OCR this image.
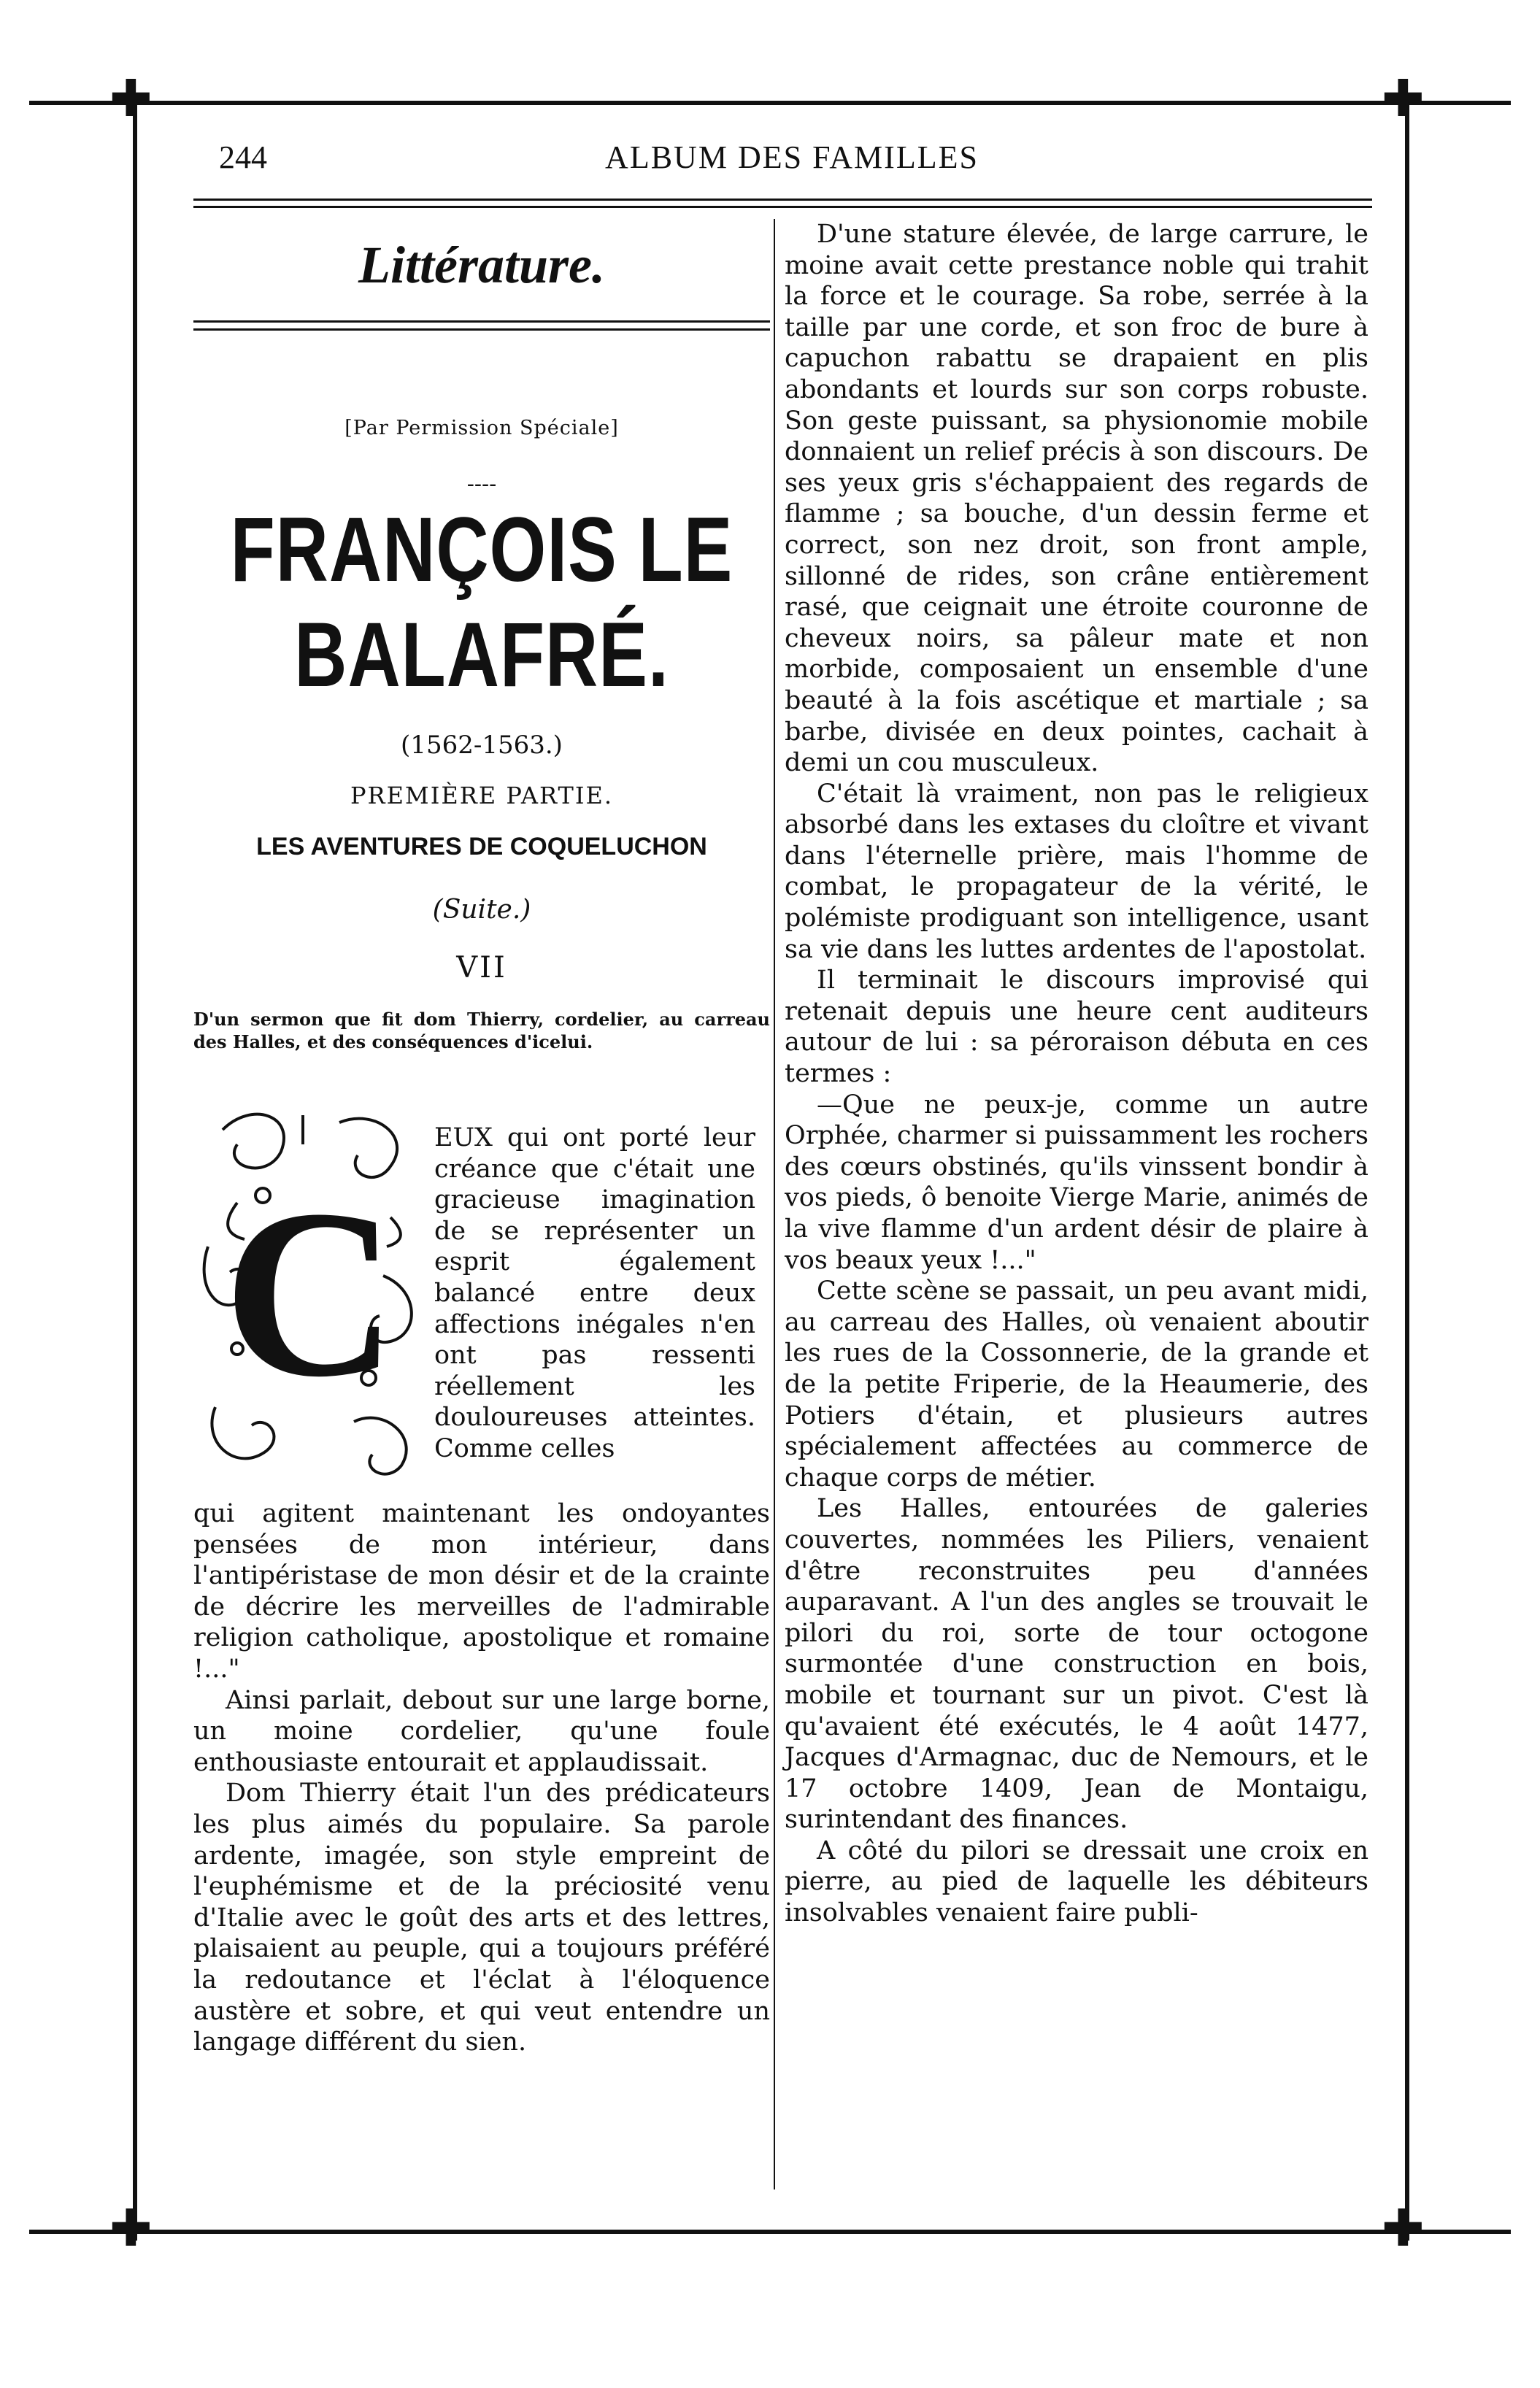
✚	✚
✚	✚
244	ALBUM DES FAMILLES
Littérature.
[Par Permission Spéciale]
----
FRANÇOIS LE BALAFRÉ.
(1562-1563.)
PREMIÈRE PARTIE.
LES AVENTURES DE COQUELUCHON
(Suite.)
VII
D'un sermon que fit dom Thierry, cordelier, au carreau des Halles, et des conséquences d'icelui.
C
EUX qui ont porté leur créance que c'était une gracieuse imagination de se représenter un esprit également balancé entre deux affections inégales n'en ont pas ressenti réellement les douloureuses atteintes. Comme celles

qui agitent maintenant les ondoyantes pensées de mon intérieur, dans l'antipéristase de mon désir et de la crainte de décrire les merveilles de l'admirable religion catholique, apostolique et romaine !..."

Ainsi parlait, debout sur une large borne, un moine cordelier, qu'une foule enthousiaste entourait et applaudissait.

Dom Thierry était l'un des prédicateurs les plus aimés du populaire. Sa parole ardente, imagée, son style empreint de l'euphémisme et de la préciosité venu d'Italie avec le goût des arts et des lettres, plaisaient au peuple, qui a toujours préféré la redoutance et l'éclat à l'éloquence austère et sobre, et qui veut entendre un langage différent du sien.

D'une stature élevée, de large carrure, le moine avait cette prestance noble qui trahit la force et le courage. Sa robe, serrée à la taille par une corde, et son froc de bure à capuchon rabattu se drapaient en plis abondants et lourds sur son corps robuste. Son geste puissant, sa physionomie mobile donnaient un relief précis à son discours. De ses yeux gris s'échappaient des regards de flamme ; sa bouche, d'un dessin ferme et correct, son nez droit, son front ample, sillonné de rides, son crâne entièrement rasé, que ceignait une étroite couronne de cheveux noirs, sa pâleur mate et non morbide, composaient un ensemble d'une beauté à la fois ascétique et martiale ; sa barbe, divisée en deux pointes, cachait à demi un cou musculeux.

C'était là vraiment, non pas le religieux absorbé dans les extases du cloître et vivant dans l'éternelle prière, mais l'homme de combat, le propagateur de la vérité, le polémiste prodiguant son intelligence, usant sa vie dans les luttes ardentes de l'apostolat.

Il terminait le discours improvisé qui retenait depuis une heure cent auditeurs autour de lui : sa péroraison débuta en ces termes :

—Que ne peux-je, comme un autre Orphée, charmer si puissamment les rochers des cœurs obstinés, qu'ils vinssent bondir à vos pieds, ô benoite Vierge Marie, animés de la vive flamme d'un ardent désir de plaire à vos beaux yeux !..."

Cette scène se passait, un peu avant midi, au carreau des Halles, où venaient aboutir les rues de la Cossonnerie, de la grande et de la petite Friperie, de la Heaumerie, des Potiers d'étain, et plusieurs autres spécialement affectées au commerce de chaque corps de métier.

Les Halles, entourées de galeries couvertes, nommées les Piliers, venaient d'être reconstruites peu d'années auparavant. A l'un des angles se trouvait le pilori du roi, sorte de tour octogone surmontée d'une construction en bois, mobile et tournant sur un pivot. C'est là qu'avaient été exécutés, le 4 août 1477, Jacques d'Armagnac, duc de Nemours, et le 17 octobre 1409, Jean de Montaigu, surintendant des finances.

A côté du pilori se dressait une croix en pierre, au pied de laquelle les débiteurs insolvables venaient faire publi-
